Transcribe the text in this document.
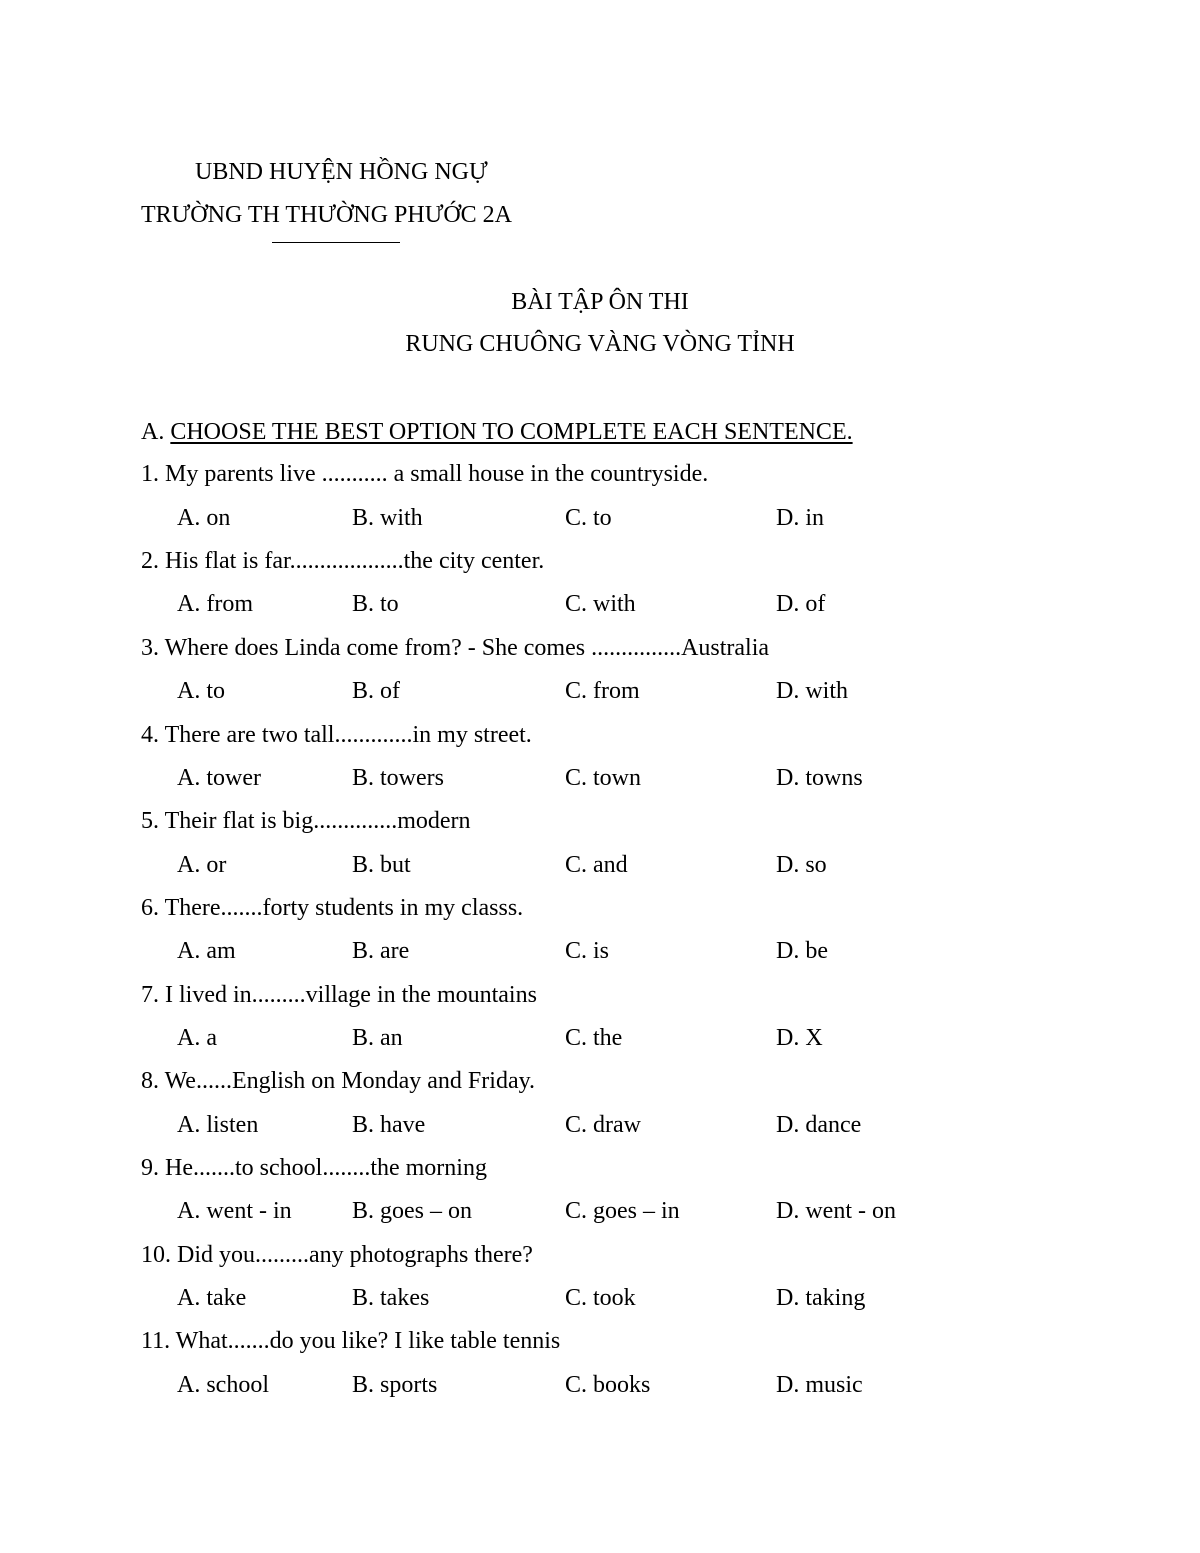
UBND HUYỆN HỒNG NGỰ
TRƯỜNG TH THƯỜNG PHƯỚC 2A
BÀI TẬP ÔN THI
RUNG CHUÔNG VÀNG VÒNG TỈNH
A. CHOOSE THE BEST OPTION TO COMPLETE EACH SENTENCE.
1. My parents live ........... a small house in the countryside.
A. on	B. with	C. to	D. in
2. His flat is far...................the city center.
A. from	B. to	C. with	D. of
3. Where does Linda come from? - She comes ...............Australia
A. to	B. of	C. from	D. with
4. There are two tall.............in my street.
A. tower	B. towers	C. town	D. towns
5. Their flat is big..............modern
A. or	B. but	C. and	D. so
6. There.......forty students in my classs.
A. am	B. are	C. is	D. be
7. I lived in.........village in the mountains
A. a	B. an	C. the	D. X
8. We......English on Monday and Friday.
A. listen	B. have	C. draw	D. dance
9. He.......to school........the morning
A. went - in	B. goes – on	C. goes – in	D. went - on
10. Did you.........any photographs there?
A. take	B. takes	C. took	D. taking
11. What.......do you like? I like table tennis
A. school	B. sports	C. books	D. music
